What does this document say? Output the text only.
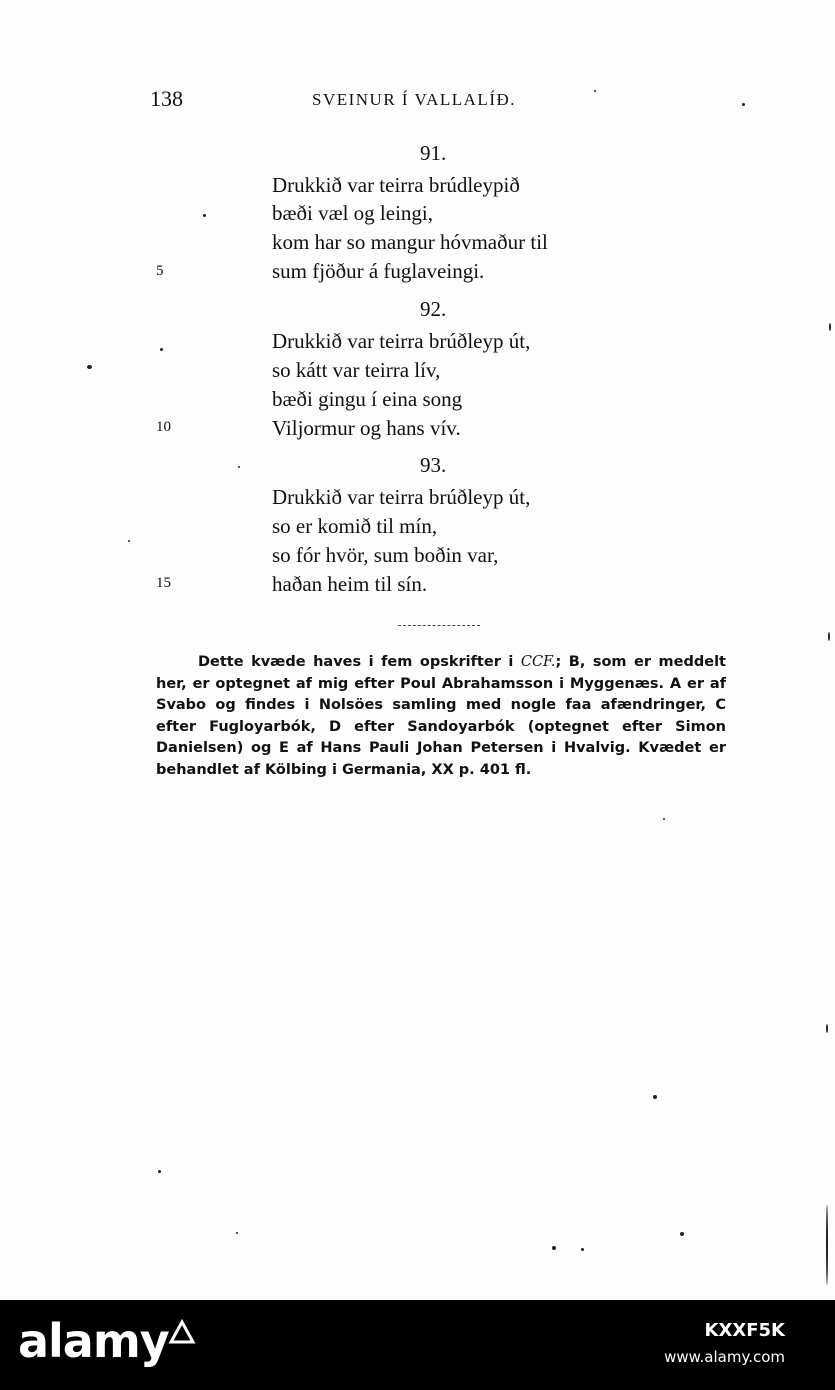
138	SVEINUR Í VALLALÍÐ.
91.
Drukkið var teirra brúdleypið
bæði væl og leingi,
kom har so mangur hóvmaður til
sum fjöður á fuglaveingi.
5
92.
Drukkið var teirra brúðleyp út,
so kátt var teirra lív,
bæði gingu í eina song
Viljormur og hans vív.
10
93.
Drukkið var teirra brúðleyp út,
so er komið til mín,
so fór hvör, sum boðin var,
haðan heim til sín.
15
Dette kvæde haves i fem opskrifter i CCF.; B, som er meddelt her, er optegnet af mig efter Poul Abrahamsson i Myggenæs. A er af Svabo og findes i Nolsöes samling med nogle faa afændringer, C efter Fugloyarbók, D efter Sandoyarbók (optegnet efter Simon Danielsen) og E af Hans Pauli Johan Petersen i Hvalvig. Kvædet er behandlet af Kölbing i Germania, XX p. 401 fl.
alamy	KXXF5K
www.alamy.com
